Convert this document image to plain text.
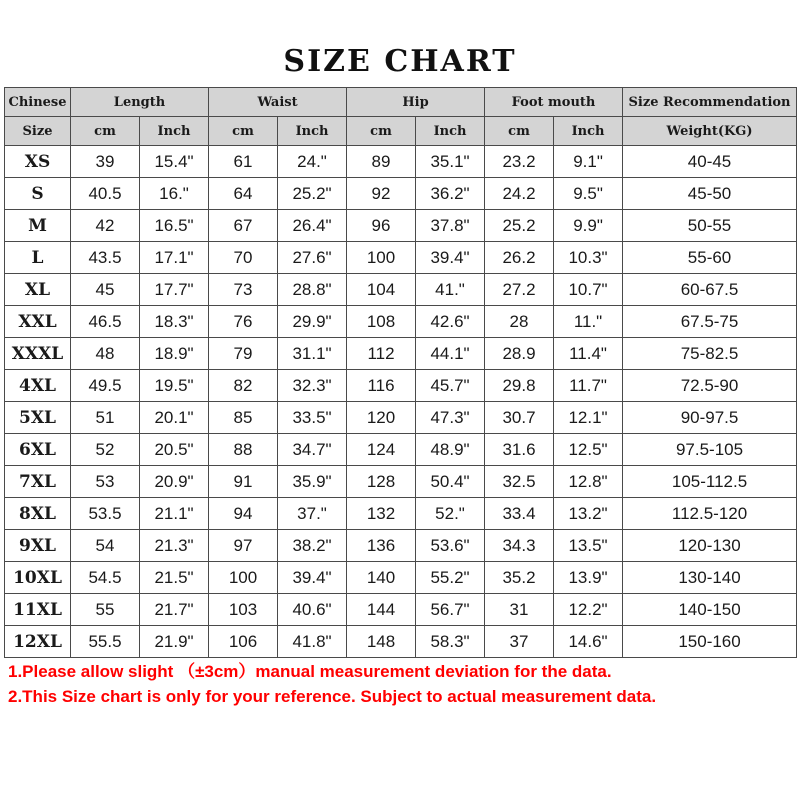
SIZE CHART
Chinese	Length		Waist		Hip		Foot mouth		Size Recommendation
Size	cm	Inch	cm	Inch	cm	Inch	cm	Inch	Weight(KG)
XS	39	15.4"	61	24."	89	35.1"	23.2	9.1"	40-45
S	40.5	16."	64	25.2"	92	36.2"	24.2	9.5"	45-50
M	42	16.5"	67	26.4"	96	37.8"	25.2	9.9"	50-55
L	43.5	17.1"	70	27.6"	100	39.4"	26.2	10.3"	55-60
XL	45	17.7"	73	28.8"	104	41."	27.2	10.7"	60-67.5
XXL	46.5	18.3"	76	29.9"	108	42.6"	28	11."	67.5-75
XXXL	48	18.9"	79	31.1"	112	44.1"	28.9	11.4"	75-82.5
4XL	49.5	19.5"	82	32.3"	116	45.7"	29.8	11.7"	72.5-90
5XL	51	20.1"	85	33.5"	120	47.3"	30.7	12.1"	90-97.5
6XL	52	20.5"	88	34.7"	124	48.9"	31.6	12.5"	97.5-105
7XL	53	20.9"	91	35.9"	128	50.4"	32.5	12.8"	105-112.5
8XL	53.5	21.1"	94	37."	132	52."	33.4	13.2"	112.5-120
9XL	54	21.3"	97	38.2"	136	53.6"	34.3	13.5"	120-130
10XL	54.5	21.5"	100	39.4"	140	55.2"	35.2	13.9"	130-140
11XL	55	21.7"	103	40.6"	144	56.7"	31	12.2"	140-150
12XL	55.5	21.9"	106	41.8"	148	58.3"	37	14.6"	150-160
1.Please allow slight （±3cm）manual measurement deviation for the data.
2.This Size chart is only for your reference. Subject to actual measurement data.
